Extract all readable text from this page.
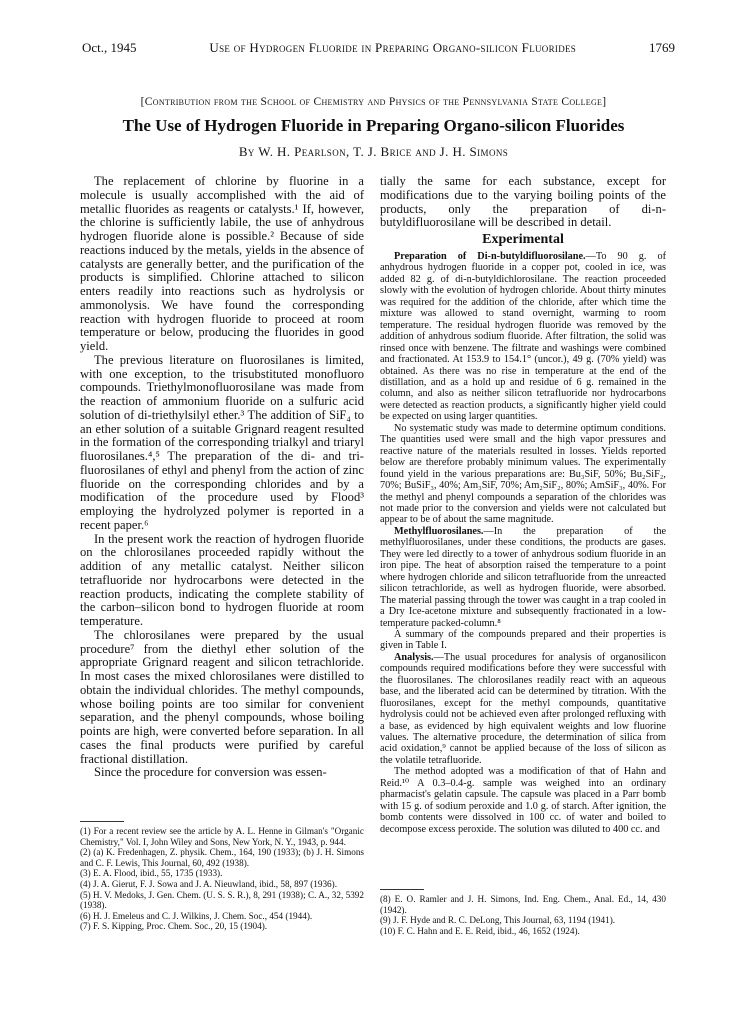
Oct., 1945	Use of Hydrogen Fluoride in Preparing Organo-silicon Fluorides	1769
[Contribution from the School of Chemistry and Physics of the Pennsylvania State College]
The Use of Hydrogen Fluoride in Preparing Organo-silicon Fluorides
By W. H. Pearlson, T. J. Brice and J. H. Simons

The replacement of chlorine by fluorine in a molecule is usually accomplished with the aid of metallic fluorides as reagents or catalysts.¹ If, however, the chlorine is sufficiently labile, the use of anhydrous hydrogen fluoride alone is possible.² Because of side reactions induced by the metals, yields in the absence of catalysts are generally better, and the purification of the products is simplified. Chlorine attached to silicon enters readily into reactions such as hydrolysis or ammonolysis. We have found the corresponding reaction with hydrogen fluoride to proceed at room temperature or below, producing the fluorides in good yield.

The previous literature on fluorosilanes is limited, with one exception, to the trisubstituted monofluoro compounds. Triethylmonofluorosilane was made from the reaction of ammonium fluoride on a sulfuric acid solution of di-triethylsilyl ether.³ The addition of SiF₄ to an ether solution of a suitable Grignard reagent resulted in the formation of the corresponding trialkyl and triaryl fluorosilanes.⁴,⁵ The preparation of the di- and tri-fluorosilanes of ethyl and phenyl from the action of zinc fluoride on the corresponding chlorides and by a modification of the procedure used by Flood³ employing the hydrolyzed polymer is reported in a recent paper.⁶

In the present work the reaction of hydrogen fluoride on the chlorosilanes proceeded rapidly without the addition of any metallic catalyst. Neither silicon tetrafluoride nor hydrocarbons were detected in the reaction products, indicating the complete stability of the carbon–silicon bond to hydrogen fluoride at room temperature.

The chlorosilanes were prepared by the usual procedure⁷ from the diethyl ether solution of the appropriate Grignard reagent and silicon tetrachloride. In most cases the mixed chlorosilanes were distilled to obtain the individual chlorides. The methyl compounds, whose boiling points are too similar for convenient separation, and the phenyl compounds, whose boiling points are high, were converted before separation. In all cases the final products were purified by careful fractional distillation.

Since the procedure for conversion was essen-

(1) For a recent review see the article by A. L. Henne in Gilman's "Organic Chemistry," Vol. I, John Wiley and Sons, New York, N. Y., 1943, p. 944.

(2) (a) K. Fredenhagen, Z. physik. Chem., 164, 190 (1933); (b) J. H. Simons and C. F. Lewis, This Journal, 60, 492 (1938).

(3) E. A. Flood, ibid., 55, 1735 (1933).

(4) J. A. Gierut, F. J. Sowa and J. A. Nieuwland, ibid., 58, 897 (1936).

(5) H. V. Medoks, J. Gen. Chem. (U. S. S. R.), 8, 291 (1938); C. A., 32, 5392 (1938).

(6) H. J. Emeleus and C. J. Wilkins, J. Chem. Soc., 454 (1944).

(7) F. S. Kipping, Proc. Chem. Soc., 20, 15 (1904).

tially the same for each substance, except for modifications due to the varying boiling points of the products, only the preparation of di-n-butyldifluorosilane will be described in detail.

Experimental

Preparation of Di-n-butyldifluorosilane.—To 90 g. of anhydrous hydrogen fluoride in a copper pot, cooled in ice, was added 82 g. of di-n-butyldichlorosilane. The reaction proceeded slowly with the evolution of hydrogen chloride. About thirty minutes was required for the addition of the chloride, after which time the mixture was allowed to stand overnight, warming to room temperature. The residual hydrogen fluoride was removed by the addition of anhydrous sodium fluoride. After filtration, the solid was rinsed once with benzene. The filtrate and washings were combined and fractionated. At 153.9 to 154.1° (uncor.), 49 g. (70% yield) was obtained. As there was no rise in temperature at the end of the distillation, and as a hold up and residue of 6 g. remained in the column, and also as neither silicon tetrafluoride nor hydrocarbons were detected as reaction products, a significantly higher yield could be expected on using larger quantities.

No systematic study was made to determine optimum conditions. The quantities used were small and the high vapor pressures and reactive nature of the materials resulted in losses. Yields reported below are therefore probably minimum values. The experimentally found yield in the various preparations are: Bu₃SiF, 50%; Bu₂SiF₂, 70%; BuSiF₃, 40%; Am₃SiF, 70%; Am₂SiF₂, 80%; AmSiF₃, 40%. For the methyl and phenyl compounds a separation of the chlorides was not made prior to the conversion and yields were not calculated but appear to be of about the same magnitude.

Methylfluorosilanes.—In the preparation of the methylfluorosilanes, under these conditions, the products are gases. They were led directly to a tower of anhydrous sodium fluoride in an iron pipe. The heat of absorption raised the temperature to a point where hydrogen chloride and silicon tetrafluoride from the unreacted silicon tetrachloride, as well as hydrogen fluoride, were absorbed. The material passing through the tower was caught in a trap cooled in a Dry Ice-acetone mixture and subsequently fractionated in a low-temperature packed-column.⁸

A summary of the compounds prepared and their properties is given in Table I.

Analysis.—The usual procedures for analysis of organosilicon compounds required modifications before they were successful with the fluorosilanes. The chlorosilanes readily react with an aqueous base, and the liberated acid can be determined by titration. With the fluorosilanes, except for the methyl compounds, quantitative hydrolysis could not be achieved even after prolonged refluxing with a base, as evidenced by high equivalent weights and low fluorine values. The alternative procedure, the determination of silica from acid oxidation,⁹ cannot be applied because of the loss of silicon as the volatile tetrafluoride.

The method adopted was a modification of that of Hahn and Reid.¹⁰ A 0.3–0.4-g. sample was weighed into an ordinary pharmacist's gelatin capsule. The capsule was placed in a Parr bomb with 15 g. of sodium peroxide and 1.0 g. of starch. After ignition, the bomb contents were dissolved in 100 cc. of water and boiled to decompose excess peroxide. The solution was diluted to 400 cc. and

(8) E. O. Ramler and J. H. Simons, Ind. Eng. Chem., Anal. Ed., 14, 430 (1942).

(9) J. F. Hyde and R. C. DeLong, This Journal, 63, 1194 (1941).

(10) F. C. Hahn and E. E. Reid, ibid., 46, 1652 (1924).
